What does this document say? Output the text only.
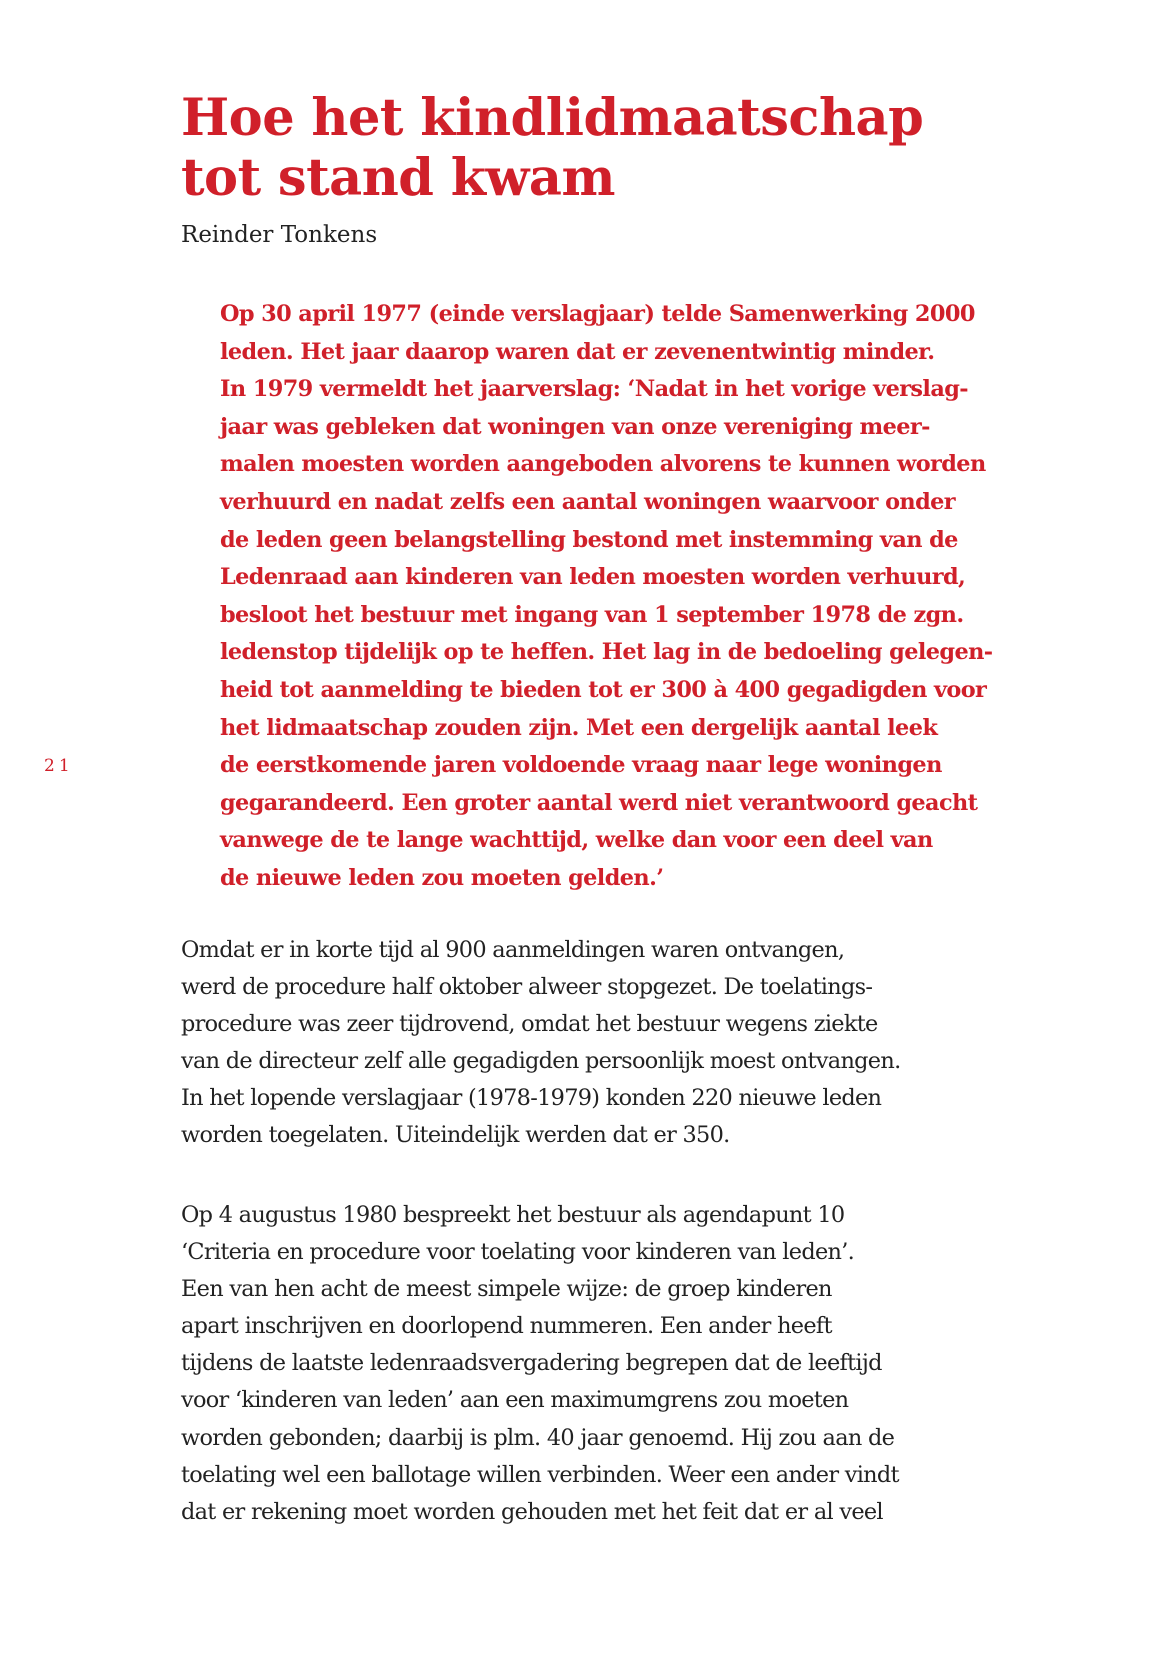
21
Hoe het kindlidmaatschap
tot stand kwam
Reinder Tonkens
Op 30 april 1977 (einde verslagjaar) telde Samenwerking 2000
leden. Het jaar daarop waren dat er zevenentwintig minder.
In 1979 vermeldt het jaarverslag: ‘Nadat in het vorige verslag-
jaar was gebleken dat woningen van onze vereniging meer-
malen moesten worden aangeboden alvorens te kunnen worden
verhuurd en nadat zelfs een aantal woningen waarvoor onder
de leden geen belangstelling bestond met instemming van de
Ledenraad aan kinderen van leden moesten worden verhuurd,
besloot het bestuur met ingang van 1 september 1978 de zgn.
ledenstop tijdelijk op te heffen. Het lag in de bedoeling gelegen-
heid tot aanmelding te bieden tot er 300 à 400 gegadigden voor
het lidmaatschap zouden zijn. Met een dergelijk aantal leek
de eerstkomende jaren voldoende vraag naar lege woningen
gegarandeerd. Een groter aantal werd niet verantwoord geacht
vanwege de te lange wachttijd, welke dan voor een deel van
de nieuwe leden zou moeten gelden.’

Omdat er in korte tijd al 900 aanmeldingen waren ontvangen,
werd de procedure half oktober alweer stopgezet. De toelatings-
procedure was zeer tijdrovend, omdat het bestuur wegens ziekte
van de directeur zelf alle gegadigden persoonlijk moest ontvangen.
In het lopende verslagjaar (1978-1979) konden 220 nieuwe leden
worden toegelaten. Uiteindelijk werden dat er 350.

Op 4 augustus 1980 bespreekt het bestuur als agendapunt 10
‘Criteria en procedure voor toelating voor kinderen van leden’.
Een van hen acht de meest simpele wijze: de groep kinderen
apart inschrijven en doorlopend nummeren. Een ander heeft
tijdens de laatste ledenraadsvergadering begrepen dat de leeftijd
voor ‘kinderen van leden’ aan een maximumgrens zou moeten
worden gebonden; daarbij is plm. 40 jaar genoemd. Hij zou aan de
toelating wel een ballotage willen verbinden. Weer een ander vindt
dat er rekening moet worden gehouden met het feit dat er al veel
